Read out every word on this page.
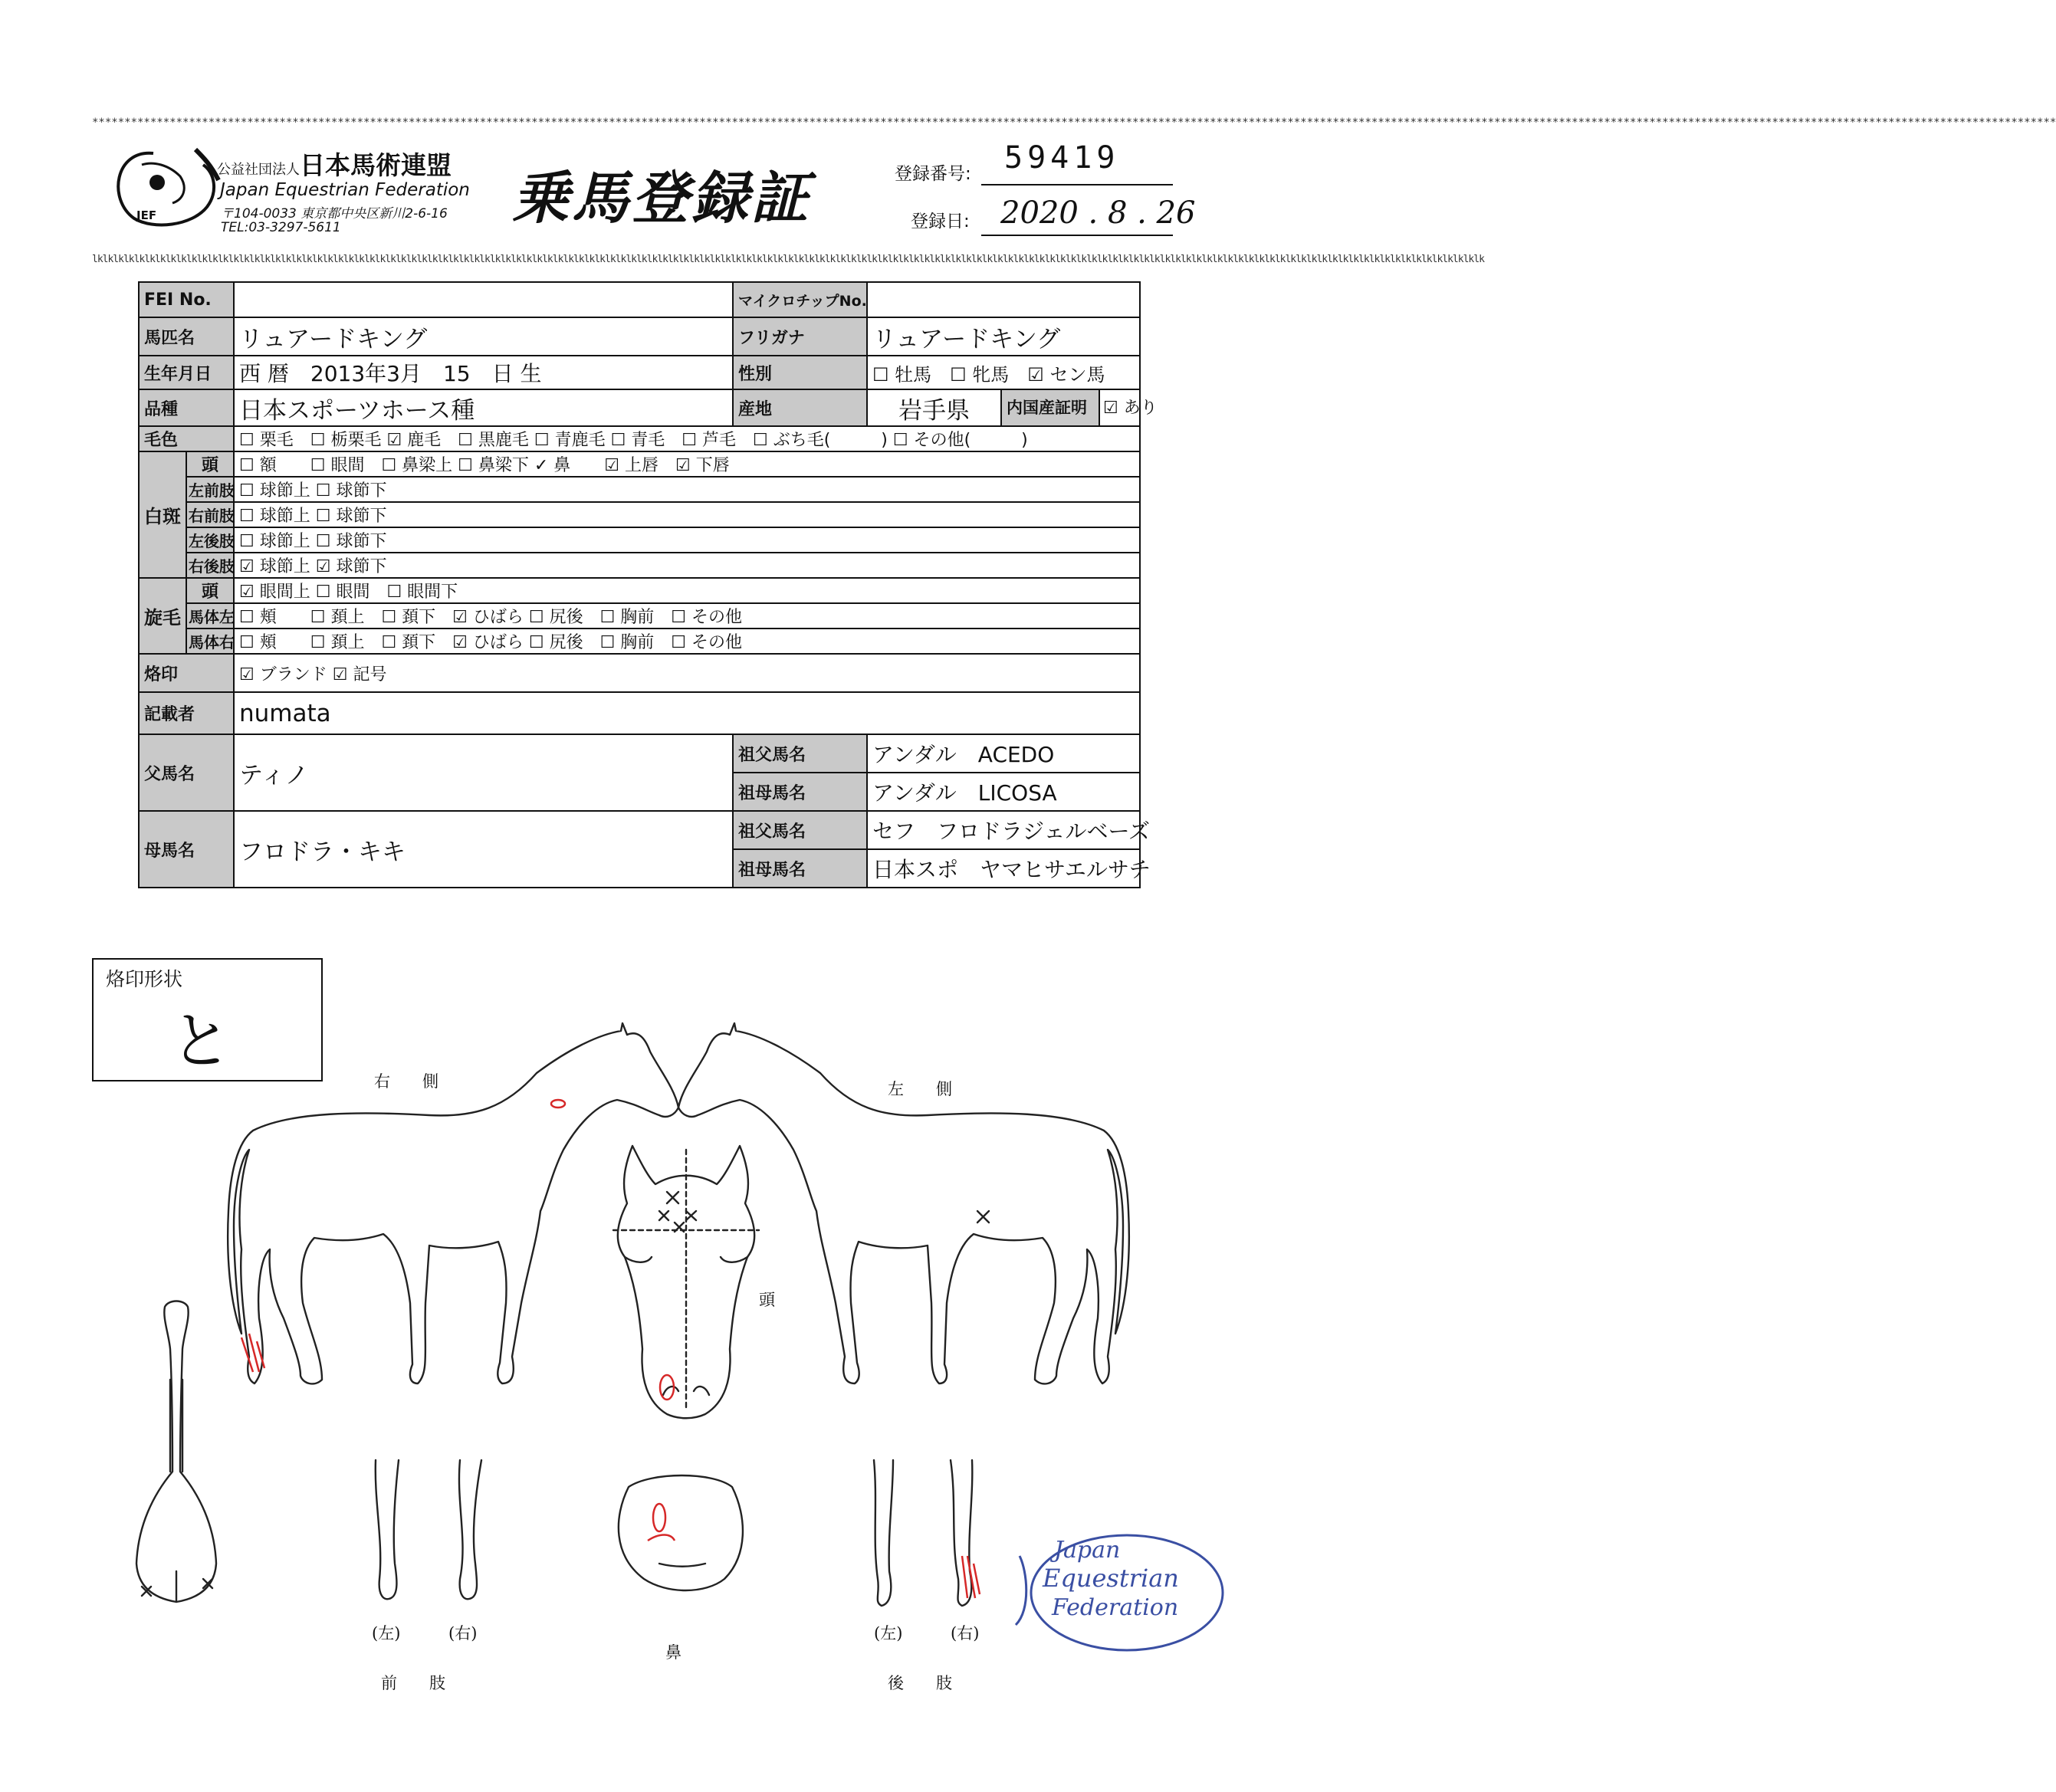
****************************************************************************************************************************************************************************************************************************************************************************************************************
lklklklklklklklklklklklklklklklklklklklklklklklklklklklklklklklklklklklklklklklklklklklklklklklklklklklklklklklklklklklklklklklklklklklklklklklklklklklklklklklklklklklklklklklklklklklklklklklklklklklklklklklklklklklklklklklklklklklklklklklklklklklklklklklklklklklklk
JEF
公益社団法人日本馬術連盟
Japan Equestrian Federation
〒104-0033 東京都中央区新川2-6-16
TEL:03-3297-5611	乗馬登録証	登録番号: 59419
登録日: 2020 . 8 . 26
FEI No.			マイクロチップNo.		
馬匹名		リュアードキング	フリガナ	リュアードキング	
生年月日		西 暦　2013年3月　15　日 生	性別	☐ 牡馬　☐ 牝馬　☑ セン馬	
品種		日本スポーツホース種	産地	岩手県	内国産証明 ☑ あり
毛色		☐ 栗毛　☐ 栃栗毛 ☑ 鹿毛　☐ 黒鹿毛 ☐ 青鹿毛 ☐ 青毛　☐ 芦毛　☐ ぶち毛(　　　) ☐ その他(　　　)			
白斑	頭	☐ 額　　☐ 眼間　☐ 鼻梁上 ☐ 鼻梁下 ✓ 鼻　　☑ 上唇　☑ 下唇			
	左前肢	☐ 球節上 ☐ 球節下			
	右前肢	☐ 球節上 ☐ 球節下			
	左後肢	☐ 球節上 ☐ 球節下			
	右後肢	☑ 球節上 ☑ 球節下			
旋毛	頭	☑ 眼間上 ☐ 眼間　☐ 眼間下			
	馬体左	☐ 頬　　☐ 頚上　☐ 頚下　☑ ひばら ☐ 尻後　☐ 胸前　☐ その他			
	馬体右	☐ 頬　　☐ 頚上　☐ 頚下　☑ ひばら ☐ 尻後　☐ 胸前　☐ その他			
烙印		☑ ブランド ☑ 記号			
記載者		numata			
父馬名		ティノ	祖父馬名	アンダル　ACEDO	
			祖母馬名	アンダル　LICOSA	
母馬名		フロドラ・キキ	祖父馬名	セフ　フロドラジェルベーズ	
			祖母馬名	日本スポ　ヤマヒサエルサチ	
烙印形状
と
右　　側	左　　側
頭
鼻
(左)	(右)
前　　肢
(左)	(右)
後　　肢
Japan
Equestrian
Federation
